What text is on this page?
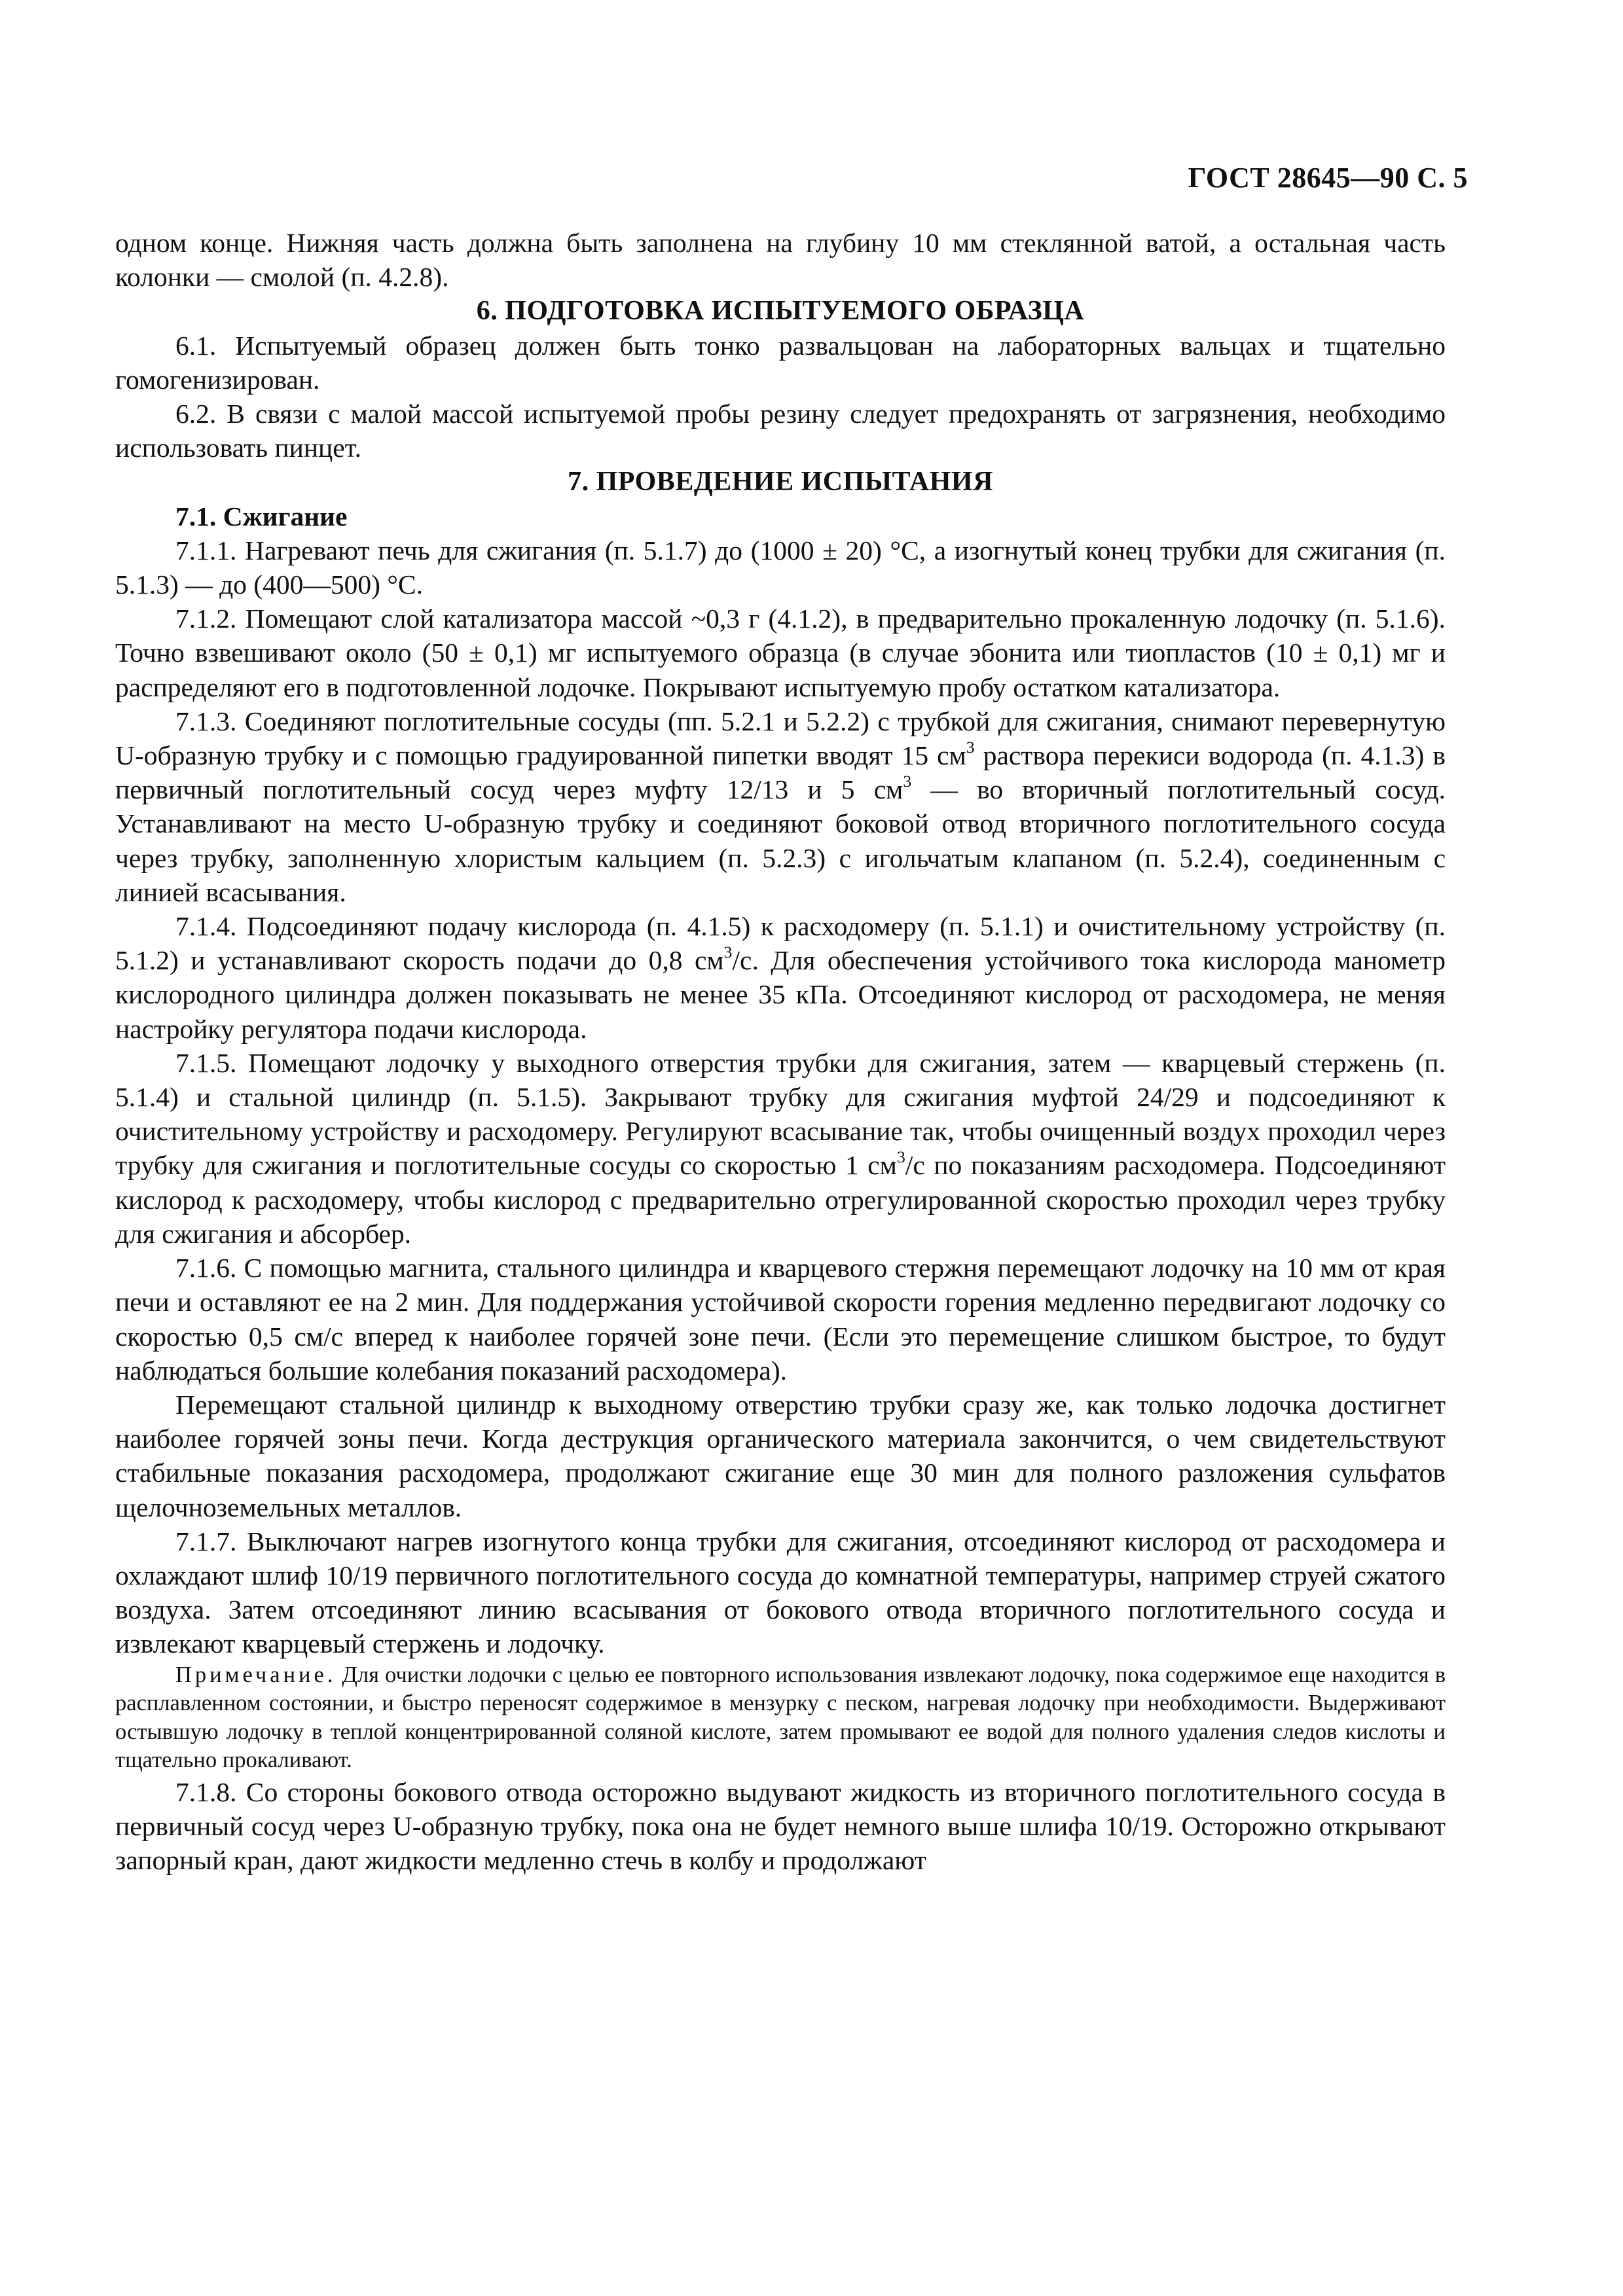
ГОСТ 28645—90 С. 5

одном конце. Нижняя часть должна быть заполнена на глубину 10 мм стеклянной ватой, а остальная часть колонки — смолой (п. 4.2.8).

6. ПОДГОТОВКА ИСПЫТУЕМОГО ОБРАЗЦА

6.1. Испытуемый образец должен быть тонко развальцован на лабораторных вальцах и тщательно гомогенизирован.

6.2. В связи с малой массой испытуемой пробы резину следует предохранять от загрязнения, необходимо использовать пинцет.

7. ПРОВЕДЕНИЕ ИСПЫТАНИЯ

7.1. Сжигание

7.1.1. Нагревают печь для сжигания (п. 5.1.7) до (1000 ± 20) °С, а изогнутый конец трубки для сжигания (п. 5.1.3) — до (400—500) °С.

7.1.2. Помещают слой катализатора массой ~0,3 г (4.1.2), в предварительно прокаленную лодочку (п. 5.1.6). Точно взвешивают около (50 ± 0,1) мг испытуемого образца (в случае эбонита или тиопластов (10 ± 0,1) мг и распределяют его в подготовленной лодочке. Покрывают испытуемую пробу остатком катализатора.

7.1.3. Соединяют поглотительные сосуды (пп. 5.2.1 и 5.2.2) с трубкой для сжигания, снимают перевернутую U-образную трубку и с помощью градуированной пипетки вводят 15 $см^3$ раствора перекиси водорода (п. 4.1.3) в первичный поглотительный сосуд через муфту 12/13 и 5 $см^3$ — во вторичный поглотительный сосуд. Устанавливают на место U-образную трубку и соединяют боковой отвод вторичного поглотительного сосуда через трубку, заполненную хлористым кальцием (п. 5.2.3) с игольчатым клапаном (п. 5.2.4), соединенным с линией всасывания.

7.1.4. Подсоединяют подачу кислорода (п. 4.1.5) к расходомеру (п. 5.1.1) и очистительному устройству (п. 5.1.2) и устанавливают скорость подачи до 0,8 $см^3/с$. Для обеспечения устойчивого тока кислорода манометр кислородного цилиндра должен показывать не менее 35 кПа. Отсоединяют кислород от расходомера, не меняя настройку регулятора подачи кислорода.

7.1.5. Помещают лодочку у выходного отверстия трубки для сжигания, затем — кварцевый стержень (п. 5.1.4) и стальной цилиндр (п. 5.1.5). Закрывают трубку для сжигания муфтой 24/29 и подсоединяют к очистительному устройству и расходомеру. Регулируют всасывание так, чтобы очищенный воздух проходил через трубку для сжигания и поглотительные сосуды со скоростью 1 $см^3/с$ по показаниям расходомера. Подсоединяют кислород к расходомеру, чтобы кислород с предварительно отрегулированной скоростью проходил через трубку для сжигания и абсорбер.

7.1.6. С помощью магнита, стального цилиндра и кварцевого стержня перемещают лодочку на 10 мм от края печи и оставляют ее на 2 мин. Для поддержания устойчивой скорости горения медленно передвигают лодочку со скоростью 0,5 см/с вперед к наиболее горячей зоне печи. (Если это перемещение слишком быстрое, то будут наблюдаться большие колебания показаний расходомера).

Перемещают стальной цилиндр к выходному отверстию трубки сразу же, как только лодочка достигнет наиболее горячей зоны печи. Когда деструкция органического материала закончится, о чем свидетельствуют стабильные показания расходомера, продолжают сжигание еще 30 мин для полного разложения сульфатов щелочноземельных металлов.

7.1.7. Выключают нагрев изогнутого конца трубки для сжигания, отсоединяют кислород от расходомера и охлаждают шлиф 10/19 первичного поглотительного сосуда до комнатной температуры, например струей сжатого воздуха. Затем отсоединяют линию всасывания от бокового отвода вторичного поглотительного сосуда и извлекают кварцевый стержень и лодочку.

Примечание. Для очистки лодочки с целью ее повторного использования извлекают лодочку, пока содержимое еще находится в расплавленном состоянии, и быстро переносят содержимое в мензурку с песком, нагревая лодочку при необходимости. Выдерживают остывшую лодочку в теплой концентрированной соляной кислоте, затем промывают ее водой для полного удаления следов кислоты и тщательно прокаливают.

7.1.8. Со стороны бокового отвода осторожно выдувают жидкость из вторичного поглотительного сосуда в первичный сосуд через U-образную трубку, пока она не будет немного выше шлифа 10/19. Осторожно открывают запорный кран, дают жидкости медленно стечь в колбу и продолжают
